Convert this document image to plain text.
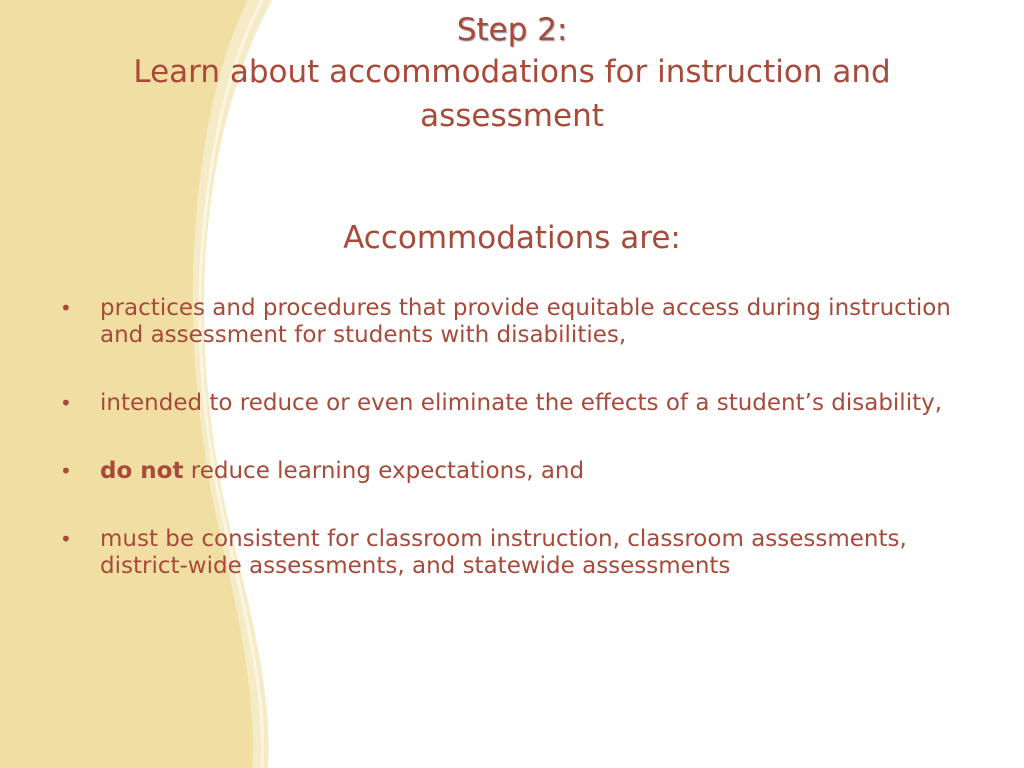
Step 2:
Learn about accommodations for instruction and assessment
Accommodations are:
• practices and procedures that provide equitable access during instruction and assessment for students with disabilities,
• intended to reduce or even eliminate the effects of a student’s disability,
• do not reduce learning expectations, and
• must be consistent for classroom instruction, classroom assessments, district-wide assessments, and statewide assessments
